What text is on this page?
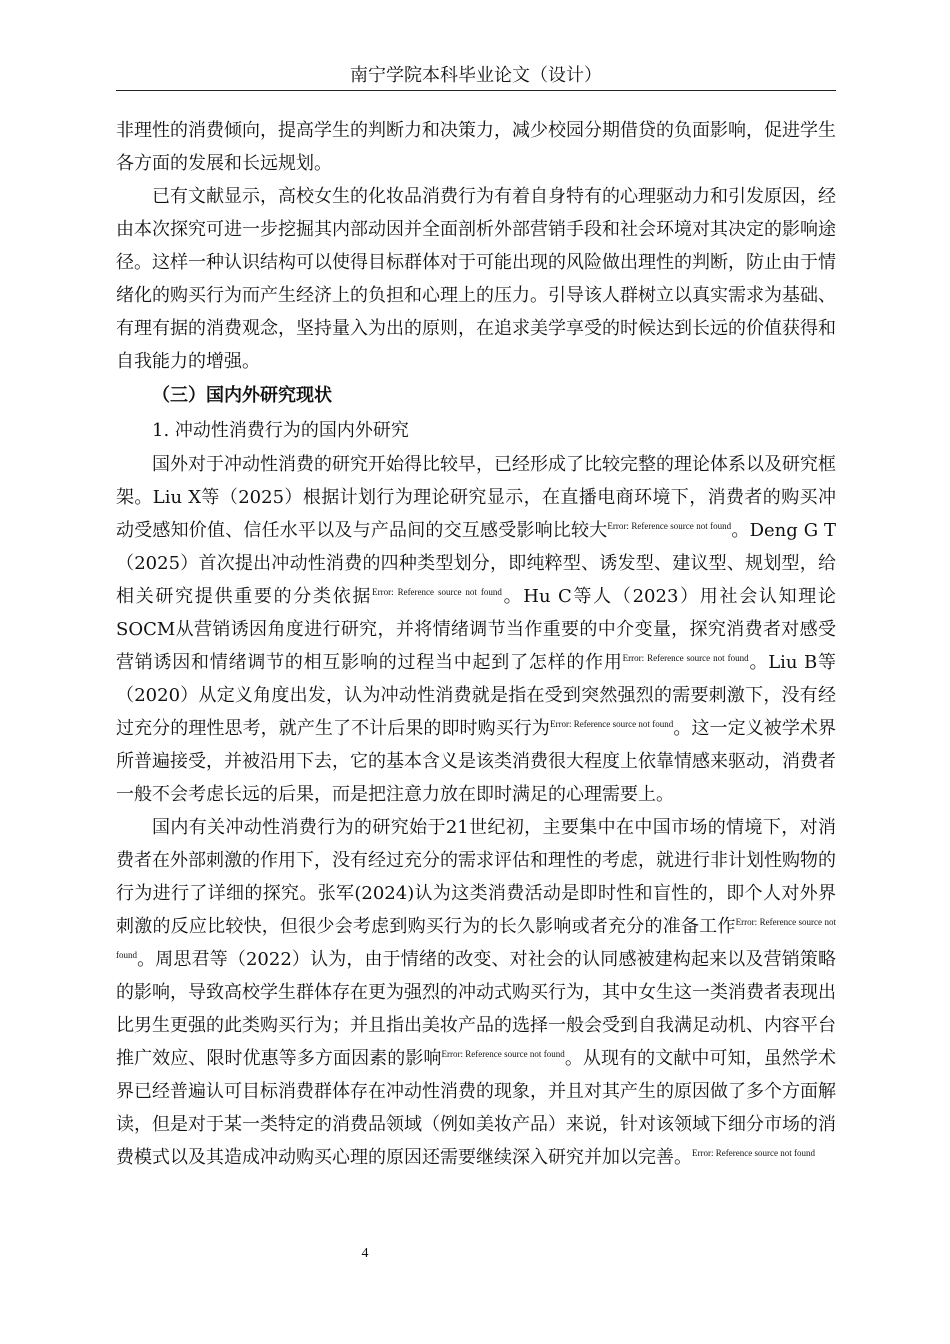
南宁学院本科毕业论文（设计）

非理性的消费倾向，提高学生的判断力和决策力，减少校园分期借贷的负面影响，促进学生各方面的发展和长远规划。

已有文献显示，高校女生的化妆品消费行为有着自身特有的心理驱动力和引发原因，经由本次探究可进一步挖掘其内部动因并全面剖析外部营销手段和社会环境对其决定的影响途径。这样一种认识结构可以使得目标群体对于可能出现的风险做出理性的判断，防止由于情绪化的购买行为而产生经济上的负担和心理上的压力。引导该人群树立以真实需求为基础、有理有据的消费观念，坚持量入为出的原则，在追求美学享受的时候达到长远的价值获得和自我能力的增强。

（三）国内外研究现状
1. 冲动性消费行为的国内外研究

国外对于冲动性消费的研究开始得比较早，已经形成了比较完整的理论体系以及研究框架。Liu X等（2025）根据计划行为理论研究显示，在直播电商环境下，消费者的购买冲动受感知价值、信任水平以及与产品间的交互感受影响比较大$^{Error: Reference source not found}$。Deng G T（2025）首次提出冲动性消费的四种类型划分，即纯粹型、诱发型、建议型、规划型，给相关研究提供重要的分类依据$^{Error: Reference source not found}$。Hu C等人（2023）用社会认知理论SOCM从营销诱因角度进行研究，并将情绪调节当作重要的中介变量，探究消费者对感受营销诱因和情绪调节的相互影响的过程当中起到了怎样的作用$^{Error: Reference source not found}$。Liu B等（2020）从定义角度出发，认为冲动性消费就是指在受到突然强烈的需要刺激下，没有经过充分的理性思考，就产生了不计后果的即时购买行为$^{Error: Reference source not found}$。这一定义被学术界所普遍接受，并被沿用下去，它的基本含义是该类消费很大程度上依靠情感来驱动，消费者一般不会考虑长远的后果，而是把注意力放在即时满足的心理需要上。

国内有关冲动性消费行为的研究始于21世纪初，主要集中在中国市场的情境下，对消费者在外部刺激的作用下，没有经过充分的需求评估和理性的考虑，就进行非计划性购物的行为进行了详细的探究。张军(2024)认为这类消费活动是即时性和盲性的，即个人对外界刺激的反应比较快，但很少会考虑到购买行为的长久影响或者充分的准备工作$^{Error: Reference source not found}$。周思君等（2022）认为，由于情绪的改变、对社会的认同感被建构起来以及营销策略的影响，导致高校学生群体存在更为强烈的冲动式购买行为，其中女生这一类消费者表现出比男生更强的此类购买行为；并且指出美妆产品的选择一般会受到自我满足动机、内容平台推广效应、限时优惠等多方面因素的影响$^{Error: Reference source not found}$。从现有的文献中可知，虽然学术界已经普遍认可目标消费群体存在冲动性消费的现象，并且对其产生的原因做了多个方面解读，但是对于某一类特定的消费品领域（例如美妆产品）来说，针对该领域下细分市场的消费模式以及其造成冲动购买心理的原因还需要继续深入研究并加以完善。$^{Error: Reference source not found}$

4
